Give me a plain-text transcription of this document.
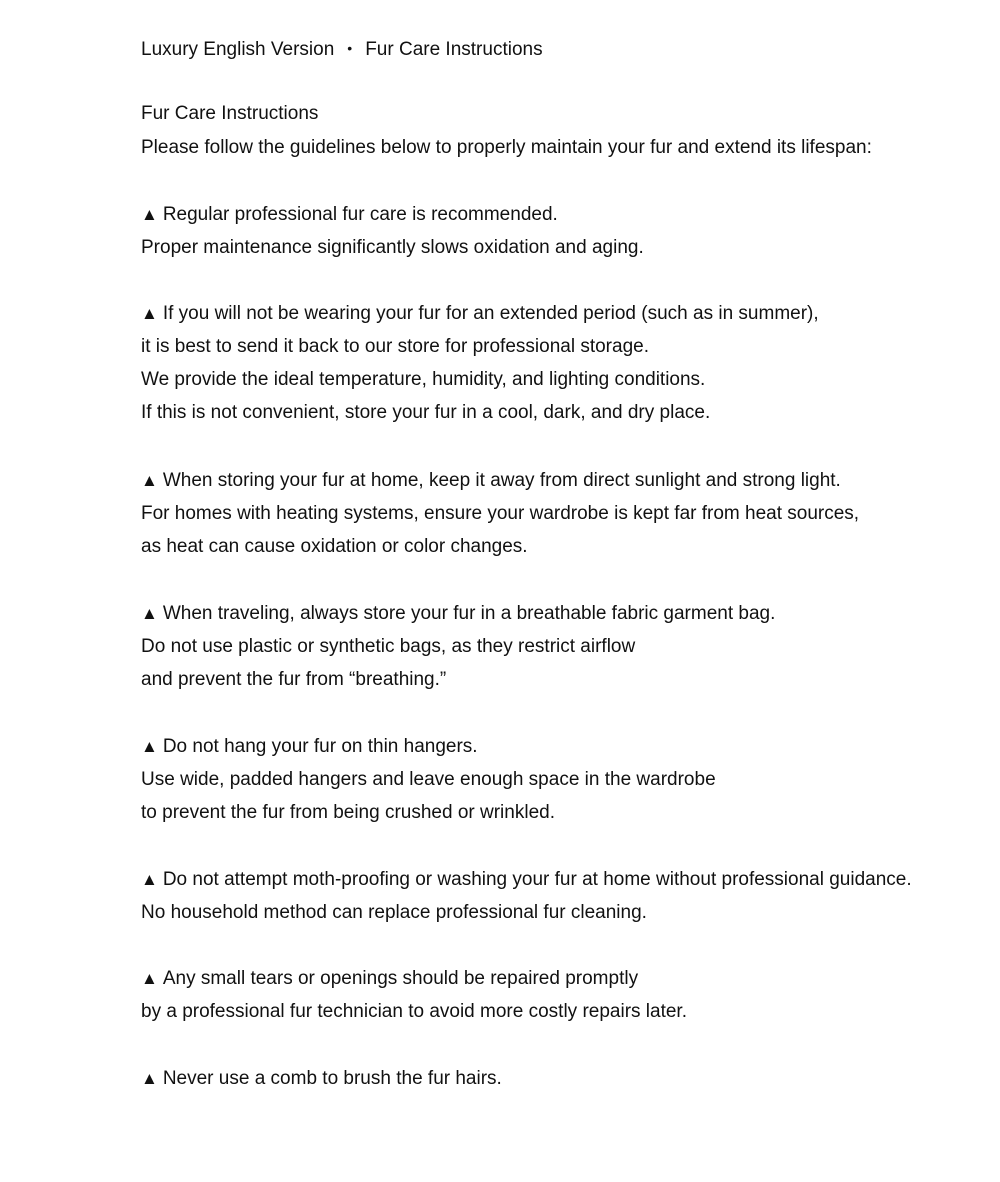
Luxury English Version • Fur Care Instructions
Fur Care Instructions
Please follow the guidelines below to properly maintain your fur and extend its lifespan:
▲ Regular professional fur care is recommended.
Proper maintenance significantly slows oxidation and aging.
▲ If you will not be wearing your fur for an extended period (such as in summer),
it is best to send it back to our store for professional storage.
We provide the ideal temperature, humidity, and lighting conditions.
If this is not convenient, store your fur in a cool, dark, and dry place.
▲ When storing your fur at home, keep it away from direct sunlight and strong light.
For homes with heating systems, ensure your wardrobe is kept far from heat sources,
as heat can cause oxidation or color changes.
▲ When traveling, always store your fur in a breathable fabric garment bag.
Do not use plastic or synthetic bags, as they restrict airflow
and prevent the fur from “breathing.”
▲ Do not hang your fur on thin hangers.
Use wide, padded hangers and leave enough space in the wardrobe
to prevent the fur from being crushed or wrinkled.
▲ Do not attempt moth-proofing or washing your fur at home without professional guidance.
No household method can replace professional fur cleaning.
▲ Any small tears or openings should be repaired promptly
by a professional fur technician to avoid more costly repairs later.
▲ Never use a comb to brush the fur hairs.
